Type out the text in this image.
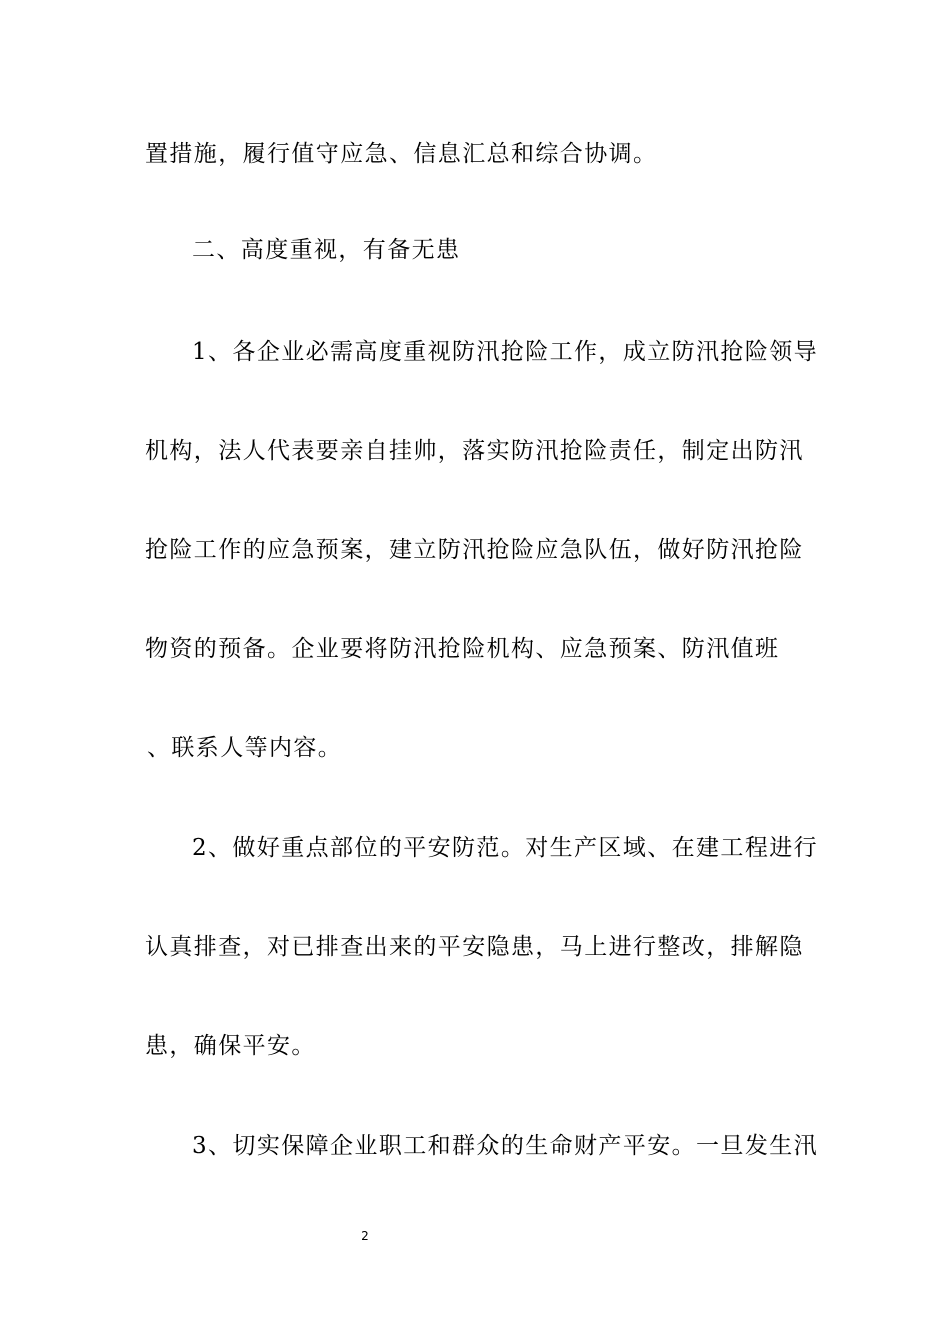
置措施，履行值守应急、信息汇总和综合协调。
二、高度重视，有备无患
1、各企业必需高度重视防汛抢险工作，成立防汛抢险领导
机构，法人代表要亲自挂帅，落实防汛抢险责任，制定出防汛
抢险工作的应急预案，建立防汛抢险应急队伍，做好防汛抢险
物资的预备。企业要将防汛抢险机构、应急预案、防汛值班
、联系人等内容。
2、做好重点部位的平安防范。对生产区域、在建工程进行
认真排查，对已排查出来的平安隐患，马上进行整改，排解隐
患，确保平安。
3、切实保障企业职工和群众的生命财产平安。一旦发生汛
2
